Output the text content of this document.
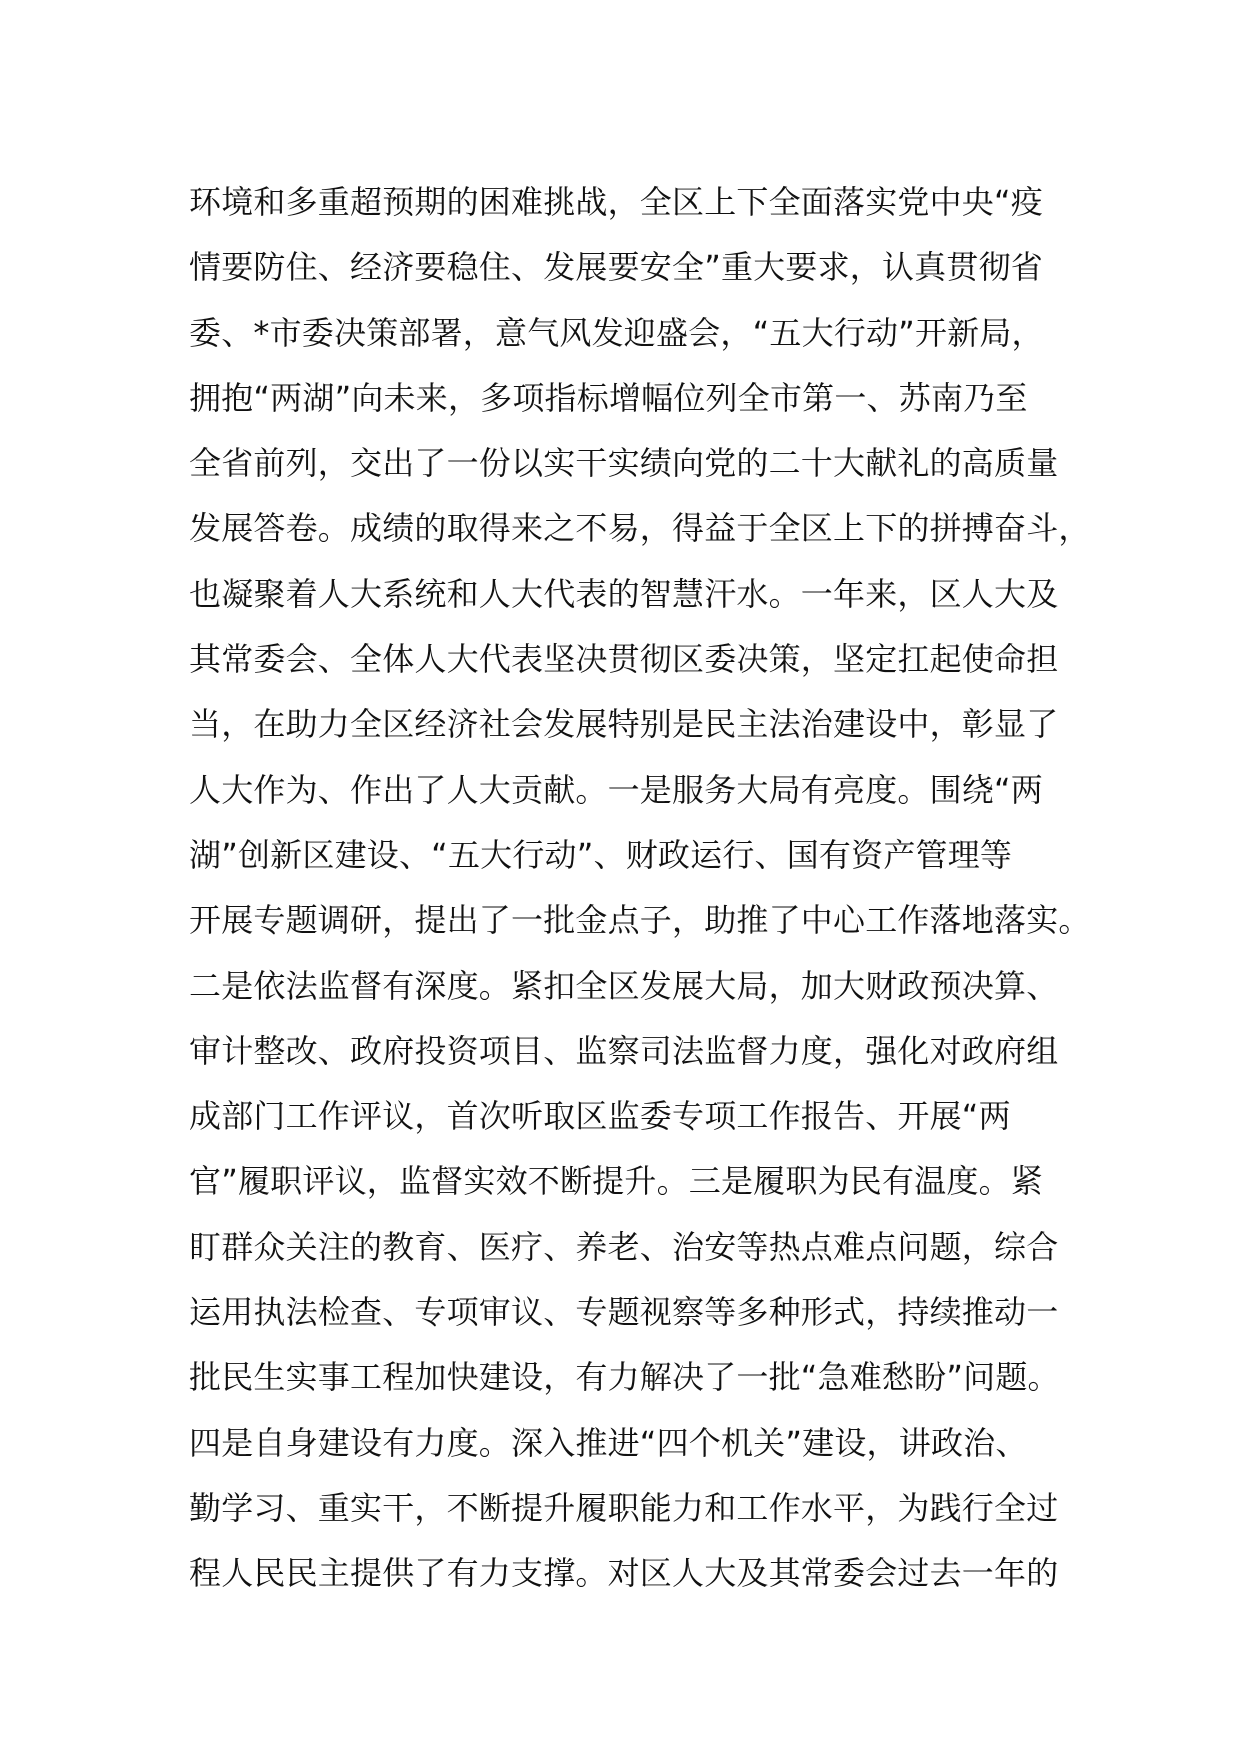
环境和多重超预期的困难挑战，全区上下全面落实党中央“疫
情要防住、经济要稳住、发展要安全”重大要求，认真贯彻省
委、*市委决策部署，意气风发迎盛会，“五大行动”开新局，
拥抱“两湖”向未来，多项指标增幅位列全市第一、苏南乃至
全省前列，交出了一份以实干实绩向党的二十大献礼的高质量
发展答卷。成绩的取得来之不易，得益于全区上下的拼搏奋斗，
也凝聚着人大系统和人大代表的智慧汗水。一年来，区人大及
其常委会、全体人大代表坚决贯彻区委决策，坚定扛起使命担
当，在助力全区经济社会发展特别是民主法治建设中，彰显了
人大作为、作出了人大贡献。一是服务大局有亮度。围绕“两
湖”创新区建设、“五大行动”、财政运行、国有资产管理等
开展专题调研，提出了一批金点子，助推了中心工作落地落实。
二是依法监督有深度。紧扣全区发展大局，加大财政预决算、
审计整改、政府投资项目、监察司法监督力度，强化对政府组
成部门工作评议，首次听取区监委专项工作报告、开展“两
官”履职评议，监督实效不断提升。三是履职为民有温度。紧
盯群众关注的教育、医疗、养老、治安等热点难点问题，综合
运用执法检查、专项审议、专题视察等多种形式，持续推动一
批民生实事工程加快建设，有力解决了一批“急难愁盼”问题。
四是自身建设有力度。深入推进“四个机关”建设，讲政治、
勤学习、重实干，不断提升履职能力和工作水平，为践行全过
程人民民主提供了有力支撑。对区人大及其常委会过去一年的
